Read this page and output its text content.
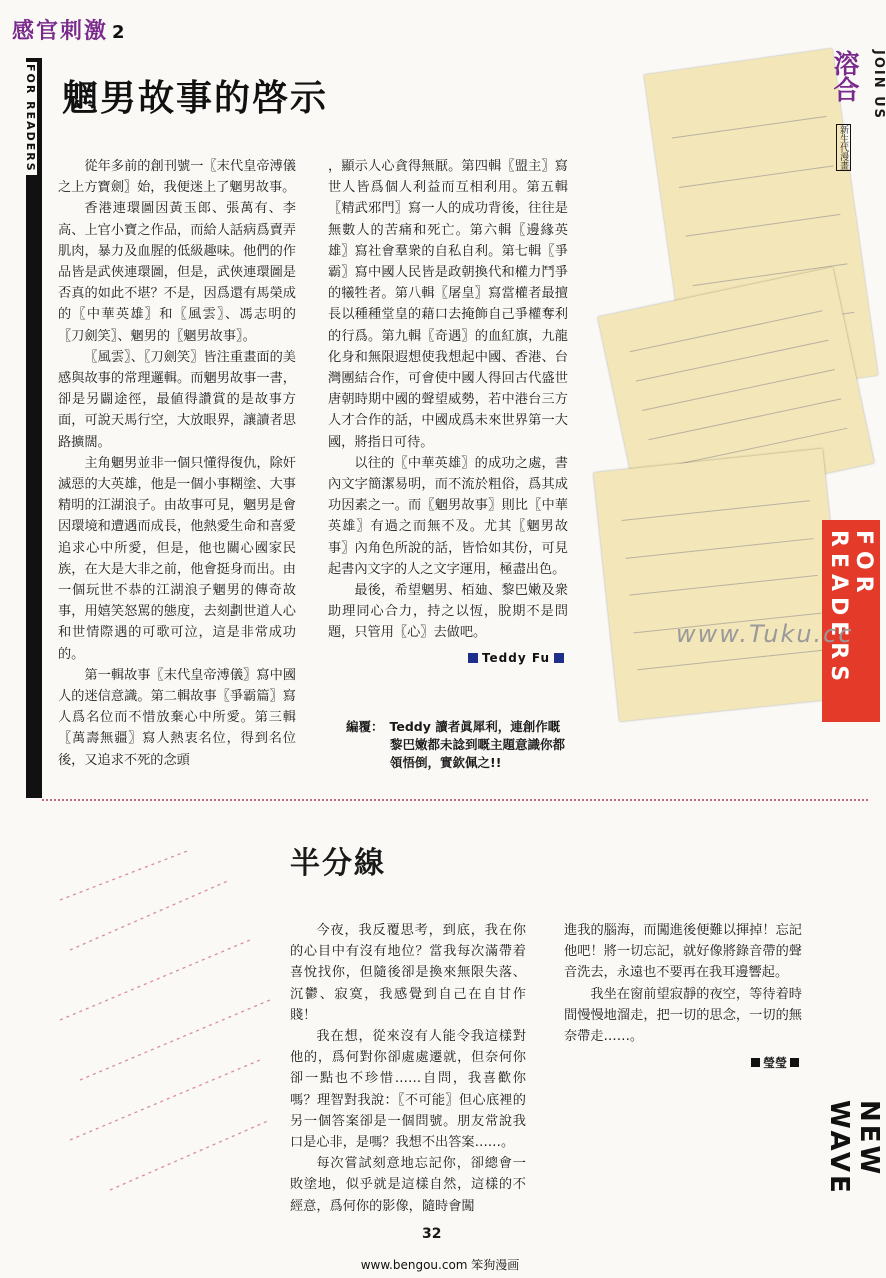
感官刺激 2
FOR READERS 魍男故事的啓示

從年多前的創刊號一〖末代皇帝溥儀之上方寶劍〗始，我便迷上了魍男故事。

香港連環圖因黃玉郎、張萬有、李高、上官小寶之作品，而給人話病爲賣弄肌肉，暴力及血腥的低級趣味。他們的作品皆是武俠連環圖，但是，武俠連環圖是否真的如此不堪？不是，因爲還有馬榮成的〖中華英雄〗和〖風雲〗、馮志明的〖刀劍笑〗、魍男的〖魍男故事〗。

〖風雲〗、〖刀劍笑〗皆注重畫面的美感與故事的常理邏輯。而魍男故事一書，卻是另闢途徑，最値得讚賞的是故事方面，可說天馬行空，大放眼界，讓讀者思路擴闊。

主角魍男並非一個只懂得復仇，除奸滅惡的大英雄，他是一個小事糊塗、大事精明的江湖浪子。由故事可見，魍男是會因環境和遭遇而成長，他熱愛生命和喜愛追求心中所愛，但是，他也關心國家民族，在大是大非之前，他會挺身而出。由一個玩世不恭的江湖浪子魍男的傳奇故事，用嬉笑怒駡的態度，去刻劃世道人心和世情際遇的可歌可泣，這是非常成功的。

第一輯故事〖末代皇帝溥儀〗寫中國人的迷信意識。第二輯故事〖爭霸篇〗寫人爲名位而不惜放棄心中所愛。第三輯〖萬壽無疆〗寫人熱衷名位，得到名位後，又追求不死的念頭

，顯示人心貪得無厭。第四輯〖盟主〗寫世人皆爲個人利益而互相利用。第五輯〖精武邪門〗寫一人的成功背後，往往是無數人的苦痛和死亡。第六輯〖邊緣英雄〗寫社會羣衆的自私自利。第七輯〖爭霸〗寫中國人民皆是政朝換代和權力鬥爭的犧牲者。第八輯〖屠皇〗寫當權者最擅長以種種堂皇的藉口去掩飾自己爭權奪利的行爲。第九輯〖奇遇〗的血紅旗，九龍化身和無限遐想使我想起中國、香港、台灣團結合作，可會使中國人得回古代盛世唐朝時期中國的聲望威勢，若中港台三方人才合作的話，中國成爲未來世界第一大國，將指日可待。

以往的〖中華英雄〗的成功之處，書內文字簡潔易明，而不流於粗俗，爲其成功因素之一。而〖魍男故事〗則比〖中華英雄〗有過之而無不及。尤其〖魍男故事〗內角色所說的話，皆恰如其份，可見起書內文字的人之文字運用，極盡出色。

最後，希望魍男、栢廸、黎巴嫩及衆助理同心合力，持之以恆，脫期不是問題，只管用〖心〗去做吧。

Teddy Fu
編覆： Teddy 讀者眞犀利，連創作嘅
黎巴嫩都未諗到嘅主題意識你都
領悟倒，實欽佩之!!
溶合 JOIN US
新生代漫畫
FOR READERS
www.Tuku.cc
半分線

今夜，我反覆思考，到底，我在你的心目中有沒有地位？當我每次滿帶着喜悅找你，但隨後卻是換來無限失落、沉鬱、寂寞，我感覺到自己在自甘作賤！

我在想，從來沒有人能令我這樣對他的，爲何對你卻處處遷就，但奈何你卻一點也不珍惜……自問，我喜歡你嗎？理智對我說：〖不可能〗但心底裡的另一個答案卻是一個問號。朋友常說我口是心非，是嗎？我想不出答案……。

每次嘗試刻意地忘記你，卻總會一敗塗地，似乎就是這樣自然，這樣的不經意，爲何你的影像，隨時會闖

進我的腦海，而闖進後便難以揮掉！忘記他吧！將一切忘記，就好像將錄音帶的聲音洗去，永遠也不要再在我耳邊響起。

我坐在窗前望寂靜的夜空，等待着時間慢慢地溜走，把一切的思念，一切的無奈帶走……。

瑩瑩
NEW WAVE
32
www.bengou.com 笨狗漫画
